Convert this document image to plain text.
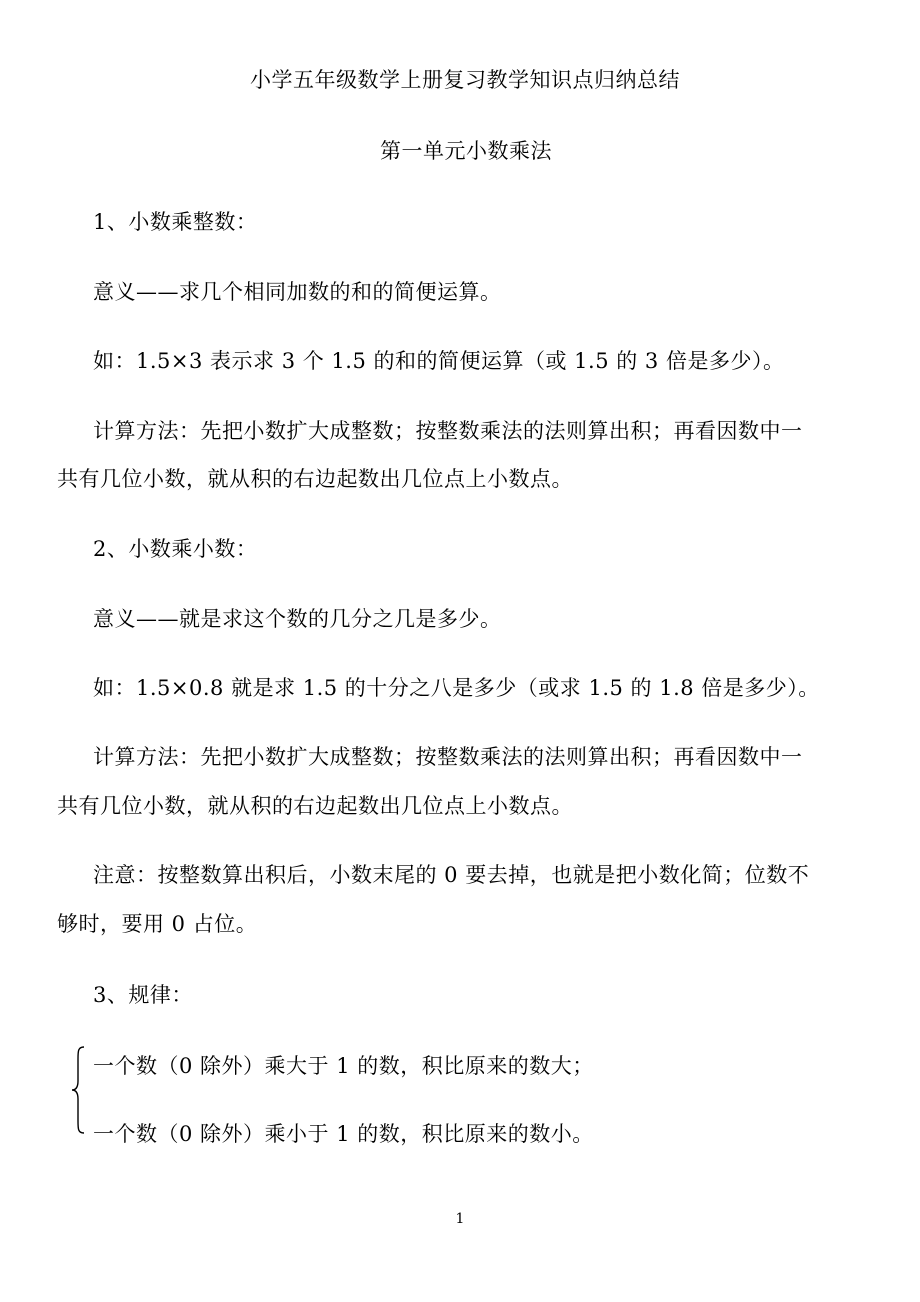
小学五年级数学上册复习教学知识点归纳总结
第一单元小数乘法
1、小数乘整数：
意义——求几个相同加数的和的简便运算。
如：1.5×3 表示求 3 个 1.5 的和的简便运算（或 1.5 的 3 倍是多少）。
计算方法：先把小数扩大成整数；按整数乘法的法则算出积；再看因数中一
共有几位小数，就从积的右边起数出几位点上小数点。
2、小数乘小数：
意义——就是求这个数的几分之几是多少。
如：1.5×0.8 就是求 1.5 的十分之八是多少（或求 1.5 的 1.8 倍是多少）。
计算方法：先把小数扩大成整数；按整数乘法的法则算出积；再看因数中一
共有几位小数，就从积的右边起数出几位点上小数点。
注意：按整数算出积后，小数末尾的 0 要去掉，也就是把小数化简；位数不
够时，要用 0 占位。
3、规律：
一个数（0 除外）乘大于 1 的数，积比原来的数大；
一个数（0 除外）乘小于 1 的数，积比原来的数小。
1
